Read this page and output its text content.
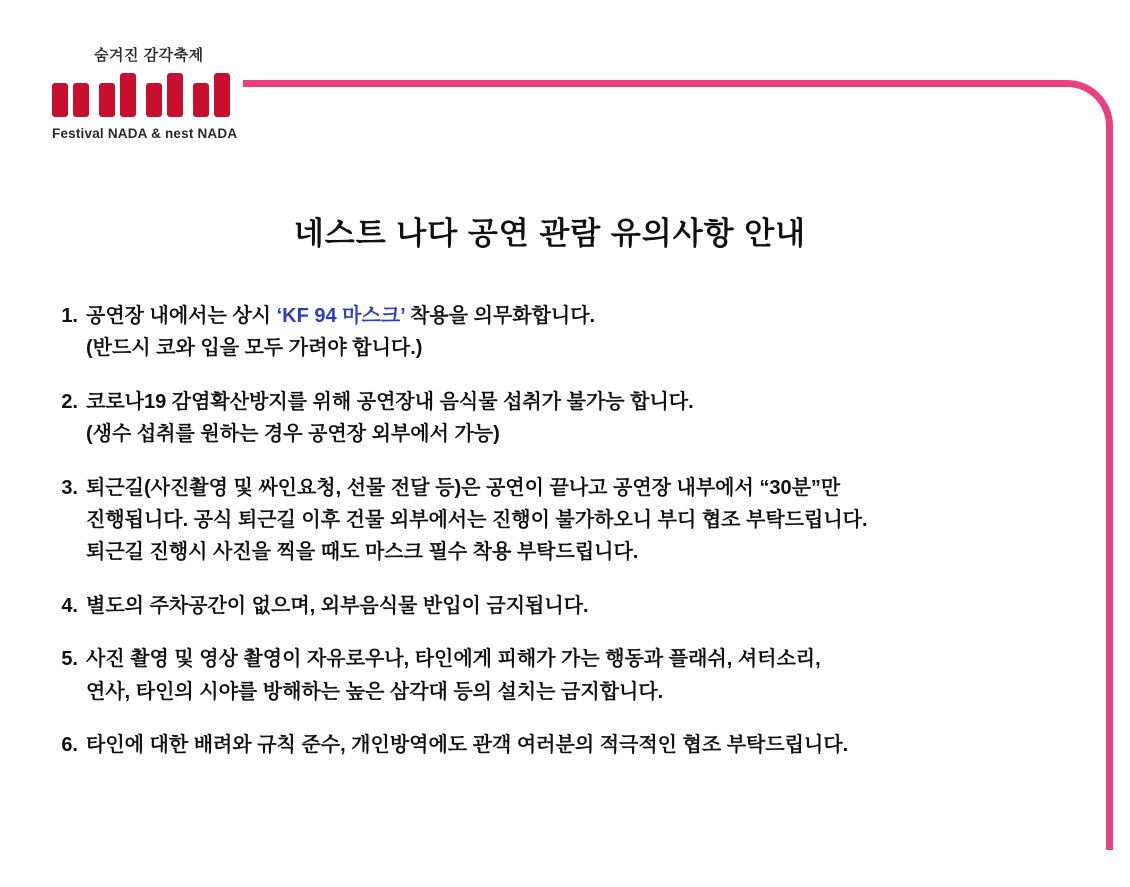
숨겨진 감각축제
Festival NADA & nest NADA
네스트 나다 공연 관람 유의사항 안내
1. 공연장 내에서는 상시 ‘KF 94 마스크’ 착용을 의무화합니다.
(반드시 코와 입을 모두 가려야 합니다.)
2. 코로나19 감염확산방지를 위해 공연장내 음식물 섭취가 불가능 합니다.
(생수 섭취를 원하는 경우 공연장 외부에서 가능)
3. 퇴근길(사진촬영 및 싸인요청, 선물 전달 등)은 공연이 끝나고 공연장 내부에서 “30분”만
진행됩니다. 공식 퇴근길 이후 건물 외부에서는 진행이 불가하오니 부디 협조 부탁드립니다.
퇴근길 진행시 사진을 찍을 때도 마스크 필수 착용 부탁드립니다.
4. 별도의 주차공간이 없으며, 외부음식물 반입이 금지됩니다.
5. 사진 촬영 및 영상 촬영이 자유로우나, 타인에게 피해가 가는 행동과 플래쉬, 셔터소리,
연사, 타인의 시야를 방해하는 높은 삼각대 등의 설치는 금지합니다.
6. 타인에 대한 배려와 규칙 준수, 개인방역에도 관객 여러분의 적극적인 협조 부탁드립니다.
